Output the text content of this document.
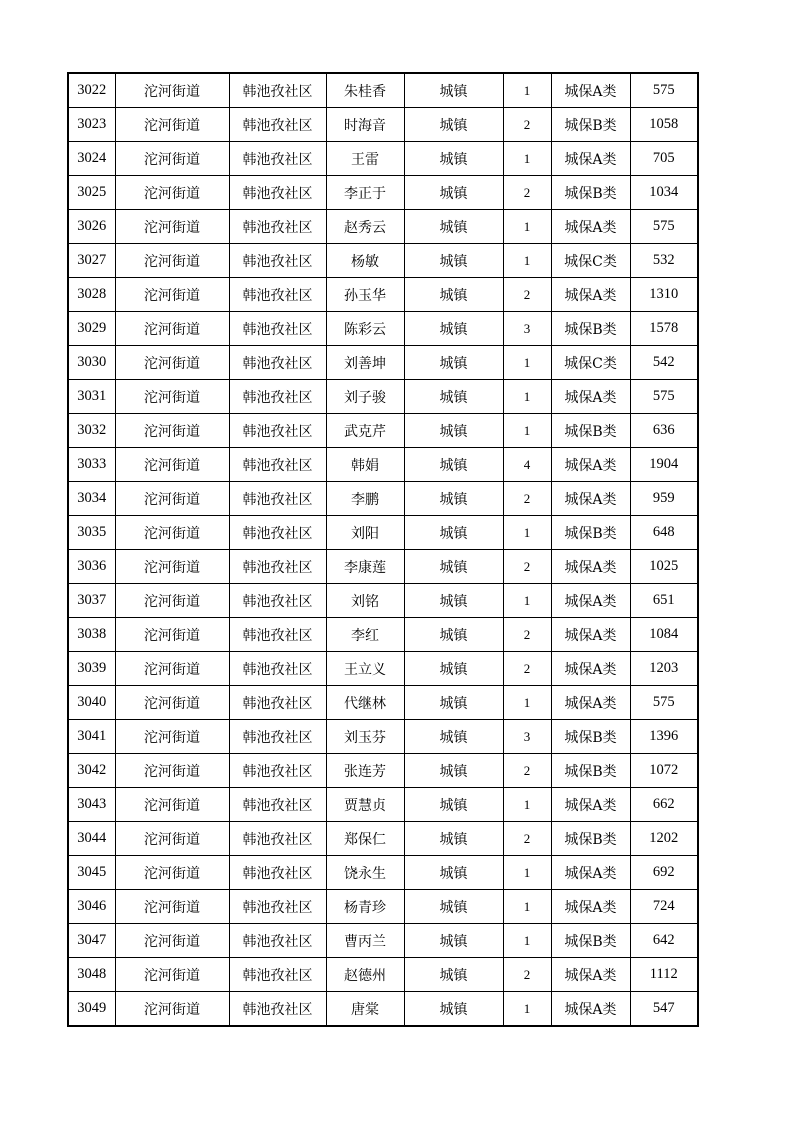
3022	沱河街道	韩池孜社区	朱桂香	城镇	1	城保A类	575
3023	沱河街道	韩池孜社区	时海音	城镇	2	城保B类	1058
3024	沱河街道	韩池孜社区	王雷	城镇	1	城保A类	705
3025	沱河街道	韩池孜社区	李正于	城镇	2	城保B类	1034
3026	沱河街道	韩池孜社区	赵秀云	城镇	1	城保A类	575
3027	沱河街道	韩池孜社区	杨敏	城镇	1	城保C类	532
3028	沱河街道	韩池孜社区	孙玉华	城镇	2	城保A类	1310
3029	沱河街道	韩池孜社区	陈彩云	城镇	3	城保B类	1578
3030	沱河街道	韩池孜社区	刘善坤	城镇	1	城保C类	542
3031	沱河街道	韩池孜社区	刘子骏	城镇	1	城保A类	575
3032	沱河街道	韩池孜社区	武克芹	城镇	1	城保B类	636
3033	沱河街道	韩池孜社区	韩娟	城镇	4	城保A类	1904
3034	沱河街道	韩池孜社区	李鹏	城镇	2	城保A类	959
3035	沱河街道	韩池孜社区	刘阳	城镇	1	城保B类	648
3036	沱河街道	韩池孜社区	李康莲	城镇	2	城保A类	1025
3037	沱河街道	韩池孜社区	刘铭	城镇	1	城保A类	651
3038	沱河街道	韩池孜社区	李红	城镇	2	城保A类	1084
3039	沱河街道	韩池孜社区	王立义	城镇	2	城保A类	1203
3040	沱河街道	韩池孜社区	代继林	城镇	1	城保A类	575
3041	沱河街道	韩池孜社区	刘玉芬	城镇	3	城保B类	1396
3042	沱河街道	韩池孜社区	张连芳	城镇	2	城保B类	1072
3043	沱河街道	韩池孜社区	贾慧贞	城镇	1	城保A类	662
3044	沱河街道	韩池孜社区	郑保仁	城镇	2	城保B类	1202
3045	沱河街道	韩池孜社区	饶永生	城镇	1	城保A类	692
3046	沱河街道	韩池孜社区	杨青珍	城镇	1	城保A类	724
3047	沱河街道	韩池孜社区	曹丙兰	城镇	1	城保B类	642
3048	沱河街道	韩池孜社区	赵德州	城镇	2	城保A类	1112
3049	沱河街道	韩池孜社区	唐棠	城镇	1	城保A类	547
